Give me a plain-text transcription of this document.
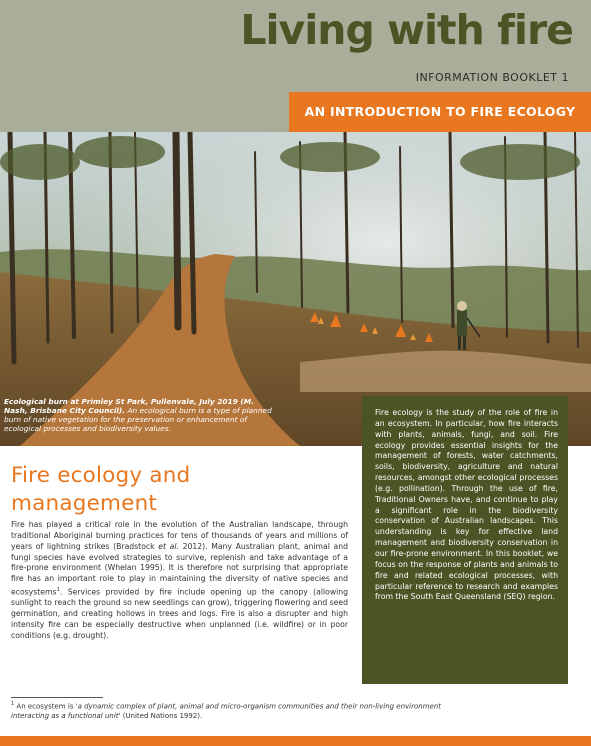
Living with fire
INFORMATION BOOKLET 1
AN INTRODUCTION TO FIRE ECOLOGY
Ecological burn at Primley St Park, Pullenvale, July 2019 (M. Nash, Brisbane City Council). An ecological burn is a type of planned burn of native vegetation for the preservation or enhancement of ecological processes and biodiversity values.

Fire ecology is the study of the role of fire in an ecosystem. In particular, how fire interacts with plants, animals, fungi, and soil. Fire ecology provides essential insights for the management of forests, water catchments, soils, biodiversity, agriculture and natural resources, amongst other ecological processes (e.g. pollination). Through the use of fire, Traditional Owners have, and continue to play a significant role in the biodiversity conservation of Australian landscapes. This understanding is key for effective land management and biodiversity conservation in our fire-prone environment. In this booklet, we focus on the response of plants and animals to fire and related ecological processes, with particular reference to research and examples from the South East Queensland (SEQ) region.

Fire ecology and management
Fire has played a critical role in the evolution of the Australian landscape, through traditional Aboriginal burning practices for tens of thousands of years and millions of years of lightning strikes (Bradstock et al. 2012). Many Australian plant, animal and fungi species have evolved strategies to survive, replenish and take advantage of a fire-prone environment (Whelan 1995). It is therefore not surprising that appropriate fire has an important role to play in maintaining the diversity of native species and ecosystems$^1$. Services provided by fire include opening up the canopy (allowing sunlight to reach the ground so new seedlings can grow), triggering flowering and seed germination, and creating hollows in trees and logs. Fire is also a disrupter and high intensity fire can be especially destructive when unplanned (i.e. wildfire) or in poor conditions (e.g. drought).
$^1$ An ecosystem is 'a dynamic complex of plant, animal and micro-organism communities and their non-living environment interacting as a functional unit' (United Nations 1992).
